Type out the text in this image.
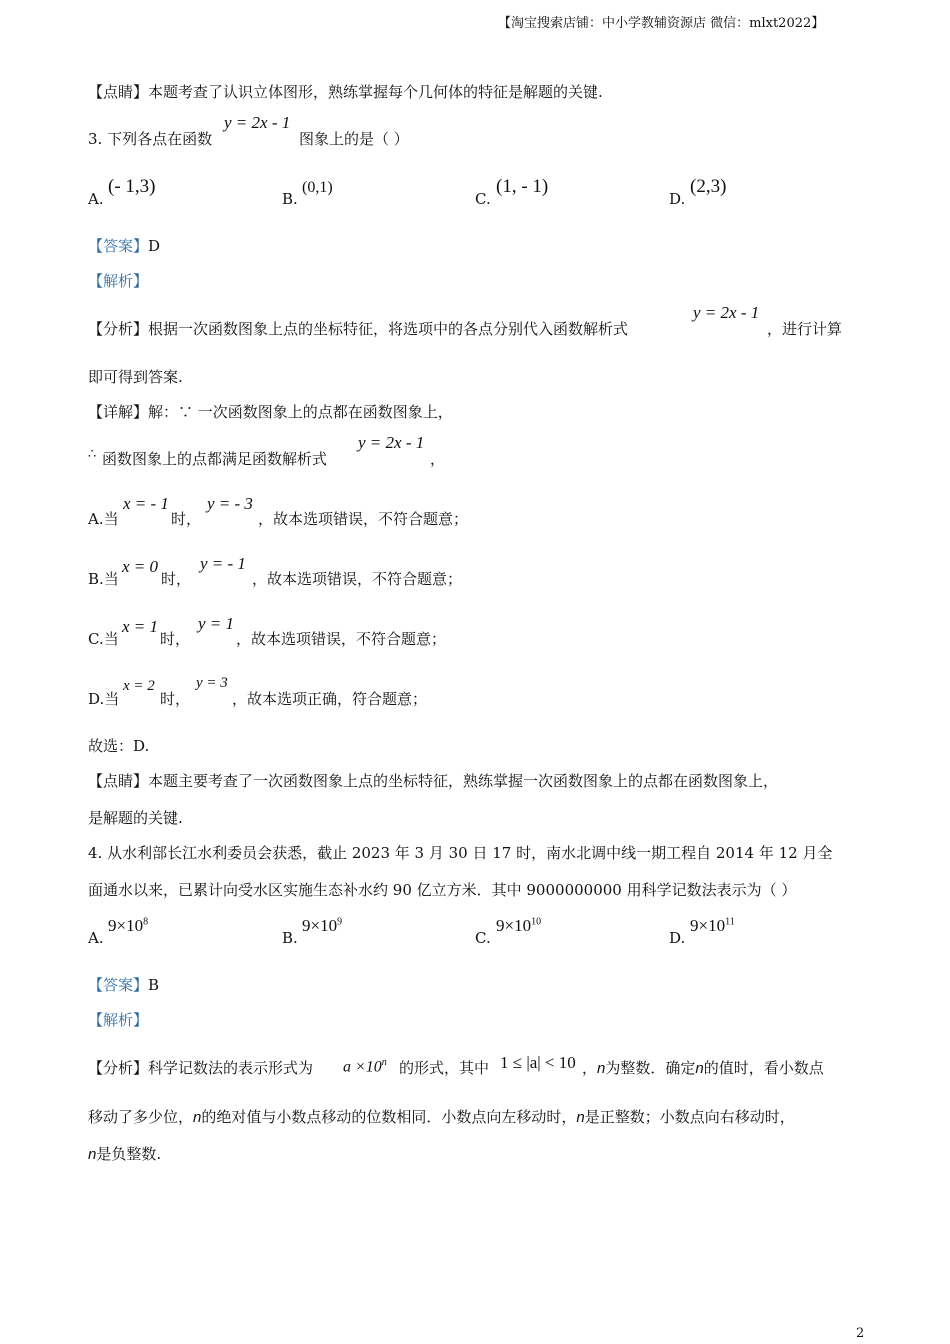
【淘宝搜索店铺：中小学教辅资源店 微信：mlxt2022】
【点睛】本题考查了认识立体图形，熟练掌握每个几何体的特征是解题的关键.
3. 下列各点在函数
y = 2x - 1
图象上的是（ ）
A.
(- 1,3)
B.
(0,1)
C.
(1, - 1)
D.
(2,3)
【答案】D
【解析】
【分析】根据一次函数图象上点的坐标特征，将选项中的各点分别代入函数解析式
y = 2x - 1
，进行计算
即可得到答案.
【详解】解：∵ 一次函数图象上的点都在函数图象上，
∴ 函数图象上的点都满足函数解析式
y = 2x - 1
，
A.当
x = - 1
时，
y = - 3
，故本选项错误，不符合题意；
B.当
x = 0
时，
y = - 1
，故本选项错误，不符合题意；
C.当
x = 1
时，
y = 1
，故本选项错误，不符合题意；
D.当
x = 2
时，
y = 3
，故本选项正确，符合题意；
故选：D.
【点睛】本题主要考查了一次函数图象上点的坐标特征，熟练掌握一次函数图象上的点都在函数图象上，
是解题的关键.
4. 从水利部长江水利委员会获悉，截止 2023 年 3 月 30 日 17 时，南水北调中线一期工程自 2014 年 12 月全
面通水以来，已累计向受水区实施生态补水约 90 亿立方米．其中 9000000000 用科学记数法表示为（ ）
A.
$9\times 10^8$
B.
$9\times 10^9$
C.
$9\times 10^{10}$
D.
$9\times 10^{11}$
【答案】B
【解析】
【分析】科学记数法的表示形式为 $a \times 10^n$ 的形式，其中 1 ≤ |a| < 10 ，n为整数．确定n的值时，看小数点
移动了多少位，n的绝对值与小数点移动的位数相同．小数点向左移动时，n是正整数；小数点向右移动时，
n是负整数.
2
